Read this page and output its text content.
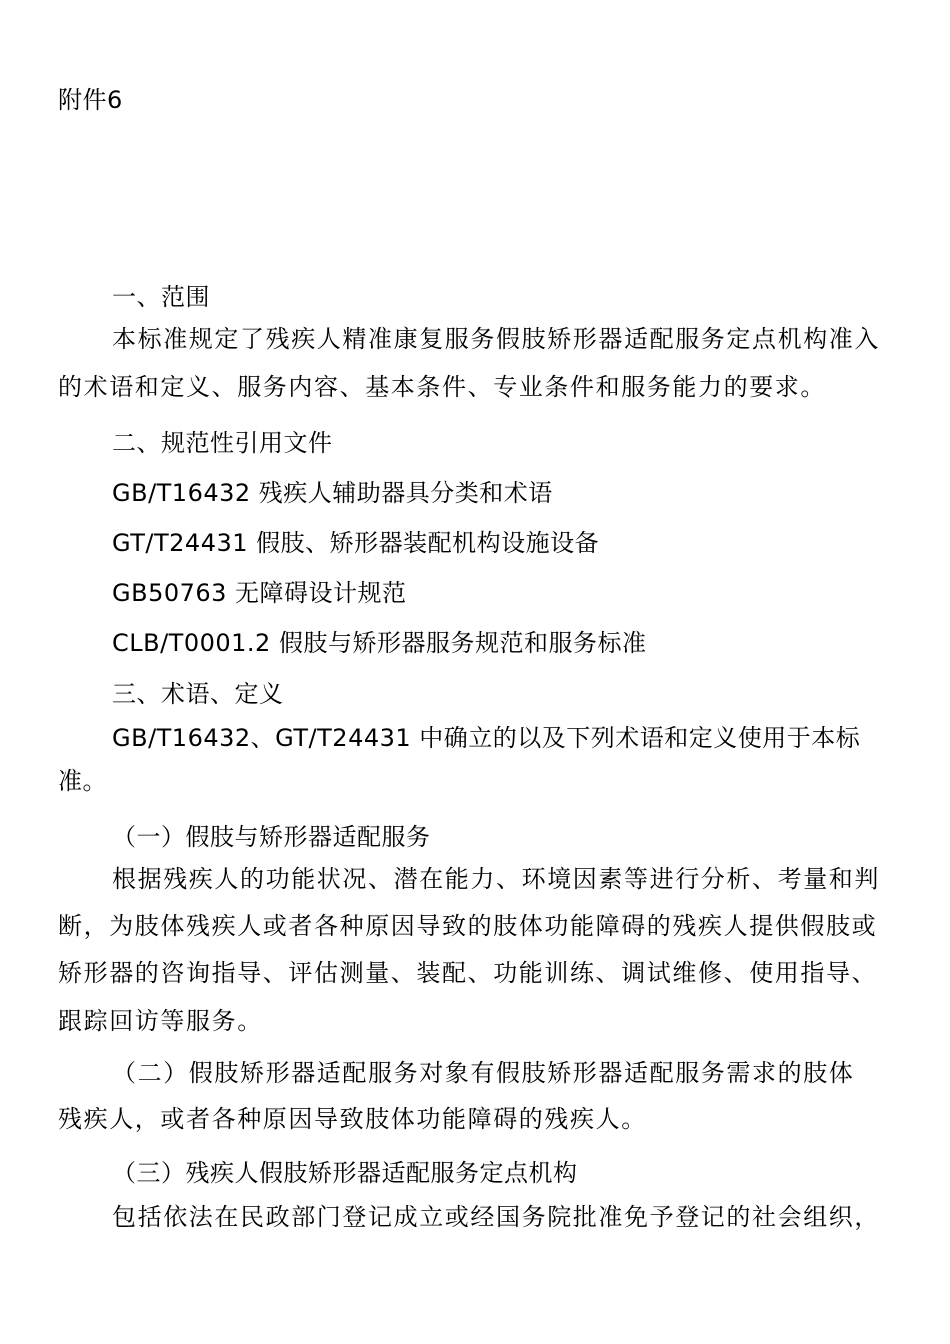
附件6
一、范围
本标准规定了残疾人精准康复服务假肢矫形器适配服务定点机构准入
的术语和定义、服务内容、基本条件、专业条件和服务能力的要求。
二、规范性引用文件
GB/T16432 残疾人辅助器具分类和术语
GT/T24431 假肢、矫形器装配机构设施设备
GB50763 无障碍设计规范
CLB/T0001.2 假肢与矫形器服务规范和服务标准
三、术语、定义
GB/T16432、GT/T24431 中确立的以及下列术语和定义使用于本标
准。
（一）假肢与矫形器适配服务
根据残疾人的功能状况、潜在能力、环境因素等进行分析、考量和判
断，为肢体残疾人或者各种原因导致的肢体功能障碍的残疾人提供假肢或
矫形器的咨询指导、评估测量、装配、功能训练、调试维修、使用指导、
跟踪回访等服务。
（二）假肢矫形器适配服务对象有假肢矫形器适配服务需求的肢体
残疾人，或者各种原因导致肢体功能障碍的残疾人。
（三）残疾人假肢矫形器适配服务定点机构
包括依法在民政部门登记成立或经国务院批准免予登记的社会组织，
